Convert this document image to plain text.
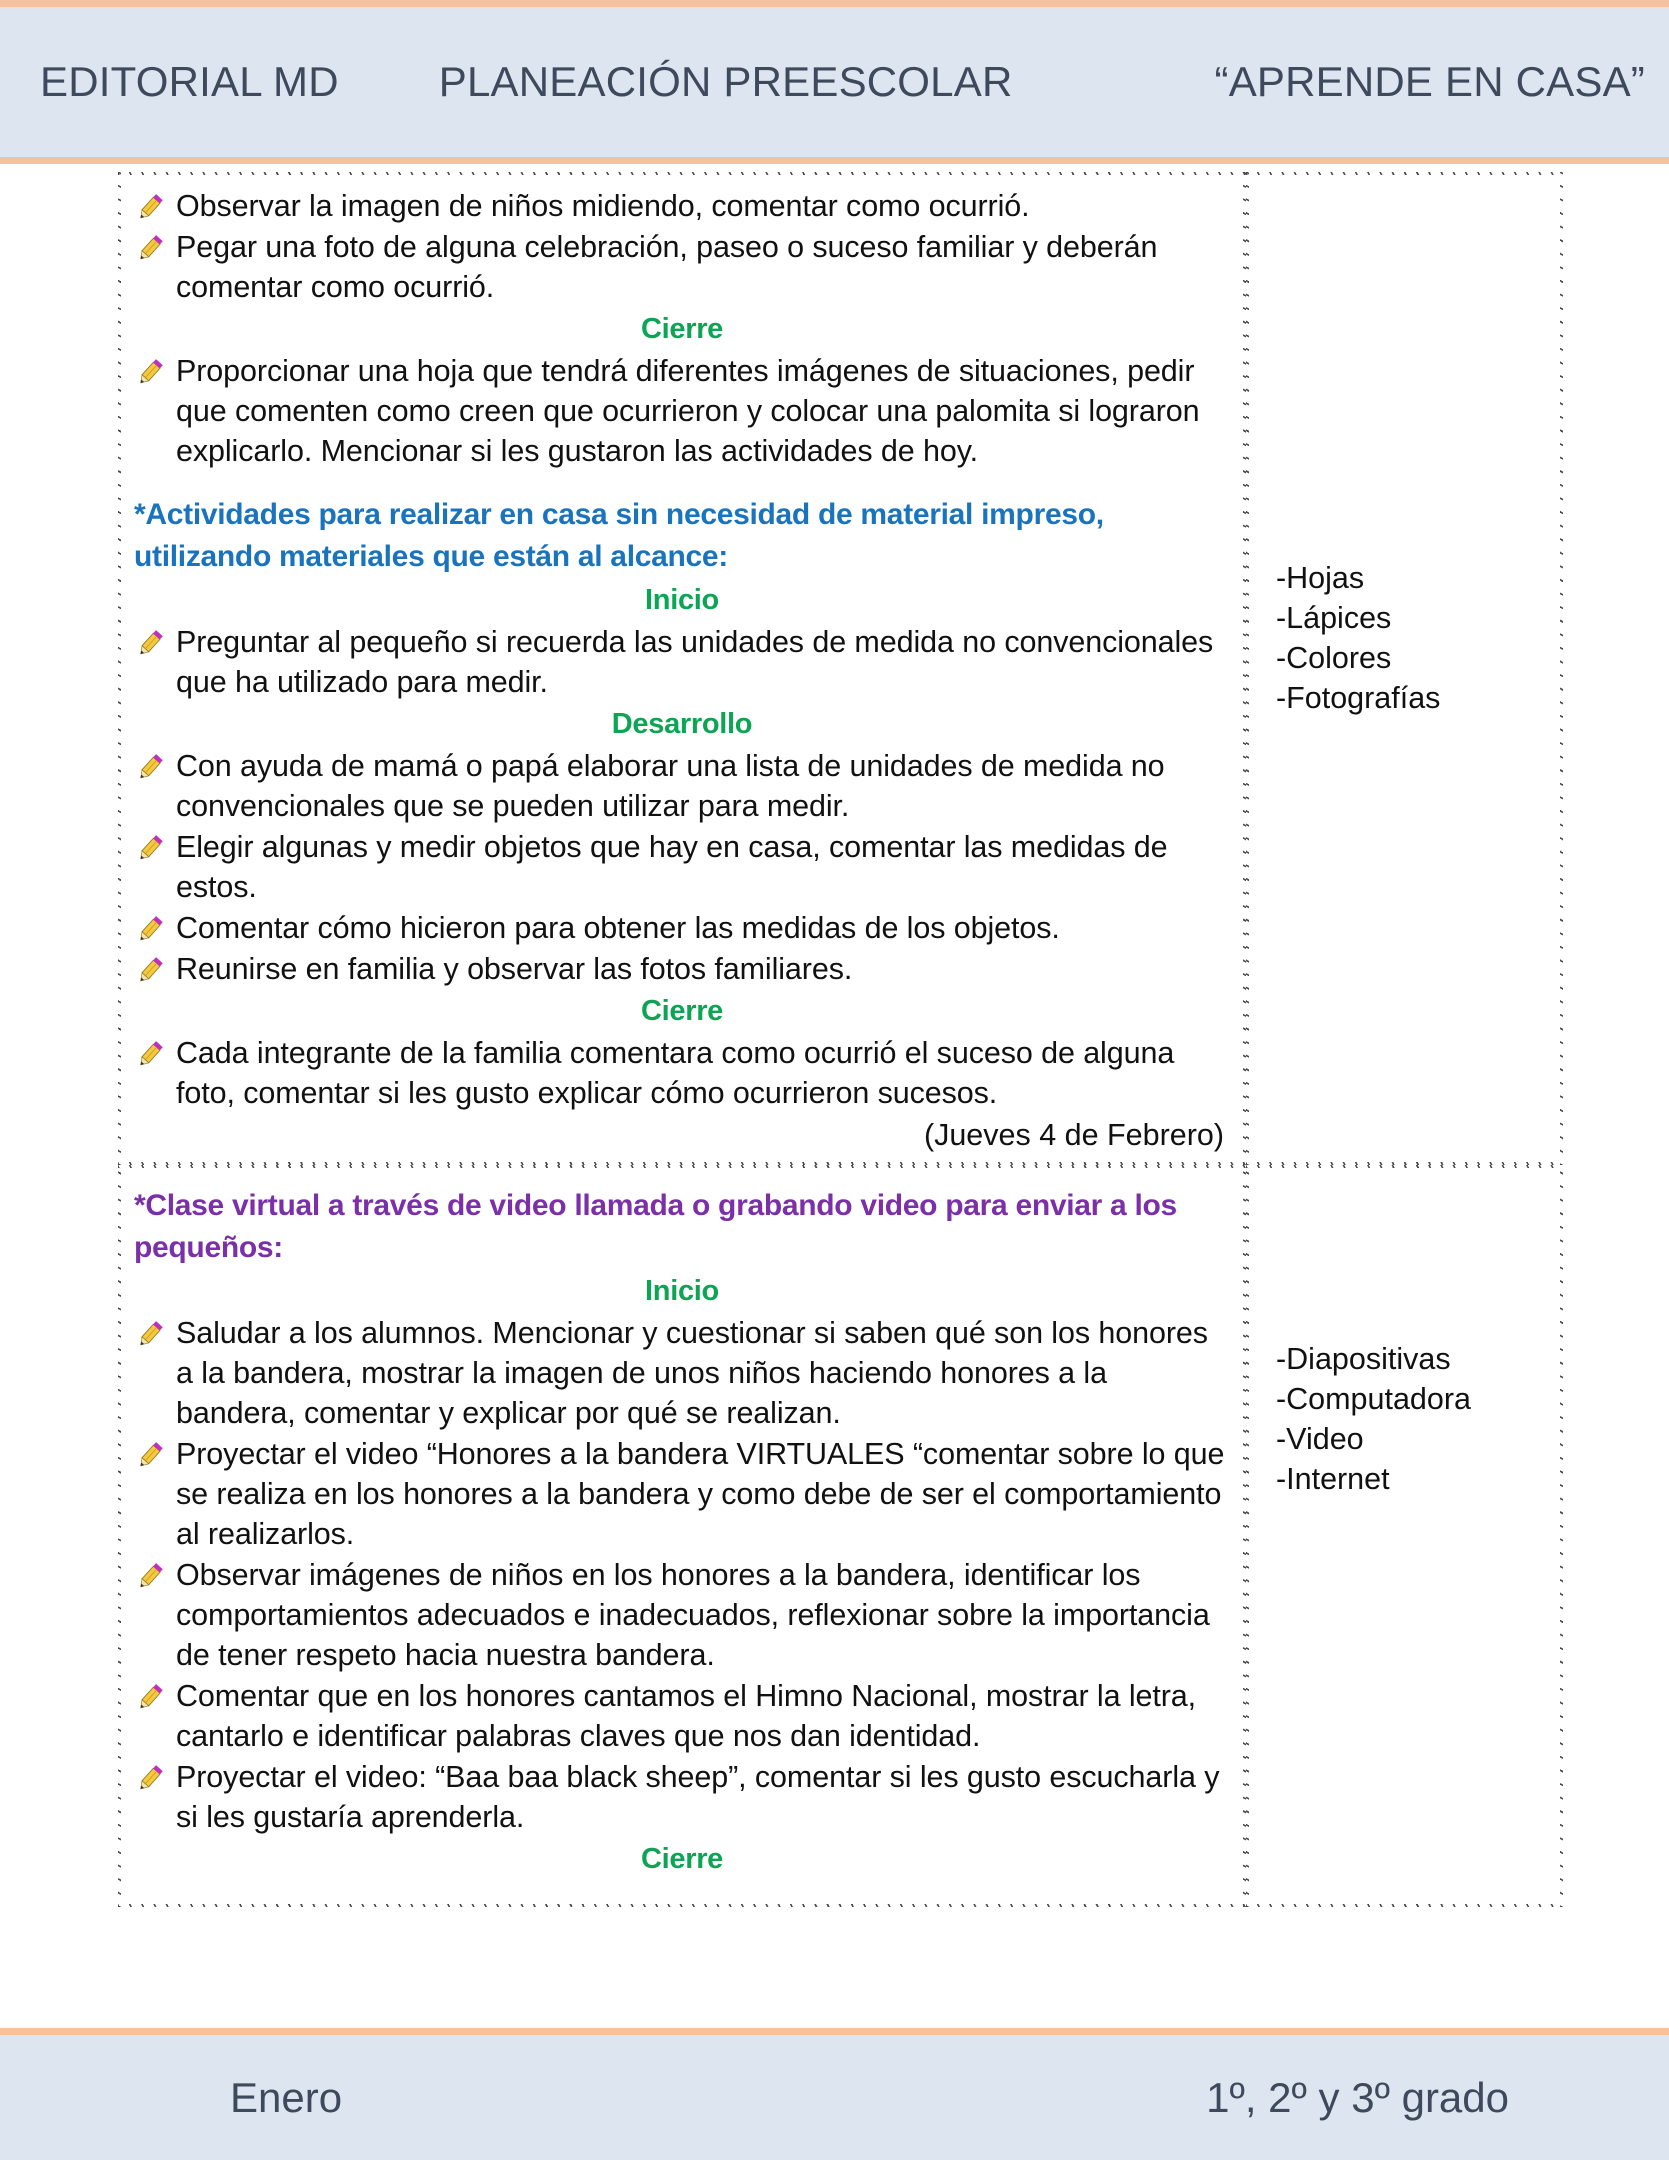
EDITORIAL MD PLANEACIÓN PREESCOLAR	“APRENDE EN CASA”
Observar la imagen de niños midiendo, comentar como ocurrió.
Pegar una foto de alguna celebración, paseo o suceso familiar y deberán comentar como ocurrió.
Cierre
Proporcionar una hoja que tendrá diferentes imágenes de situaciones, pedir que comenten como creen que ocurrieron y colocar una palomita si lograron explicarlo. Mencionar si les gustaron las actividades de hoy.
*Actividades para realizar en casa sin necesidad de material impreso, utilizando materiales que están al alcance:
Inicio
Preguntar al pequeño si recuerda las unidades de medida no convencionales que ha utilizado para medir.
Desarrollo
Con ayuda de mamá o papá elaborar una lista de unidades de medida no convencionales que se pueden utilizar para medir.
Elegir algunas y medir objetos que hay en casa, comentar las medidas de estos.
Comentar cómo hicieron para obtener las medidas de los objetos.
Reunirse en familia y observar las fotos familiares.
Cierre
Cada integrante de la familia comentara como ocurrió el suceso de alguna foto, comentar si les gusto explicar cómo ocurrieron sucesos.
(Jueves 4 de Febrero)
-Hojas
-Lápices
-Colores
-Fotografías
*Clase virtual a través de video llamada o grabando video para enviar a los pequeños:
Inicio
Saludar a los alumnos. Mencionar y cuestionar si saben qué son los honores a la bandera, mostrar la imagen de unos niños haciendo honores a la bandera, comentar y explicar por qué se realizan.
Proyectar el video “Honores a la bandera VIRTUALES “comentar sobre lo que se realiza en los honores a la bandera y como debe de ser el comportamiento al realizarlos.
Observar imágenes de niños en los honores a la bandera, identificar los comportamientos adecuados e inadecuados, reflexionar sobre la importancia de tener respeto hacia nuestra bandera.
Comentar que en los honores cantamos el Himno Nacional, mostrar la letra, cantarlo e identificar palabras claves que nos dan identidad.
Proyectar el video: “Baa baa black sheep”, comentar si les gusto escucharla y si les gustaría aprenderla.
Cierre
-Diapositivas
-Computadora
-Video
-Internet
Enero	1º, 2º y 3º grado
